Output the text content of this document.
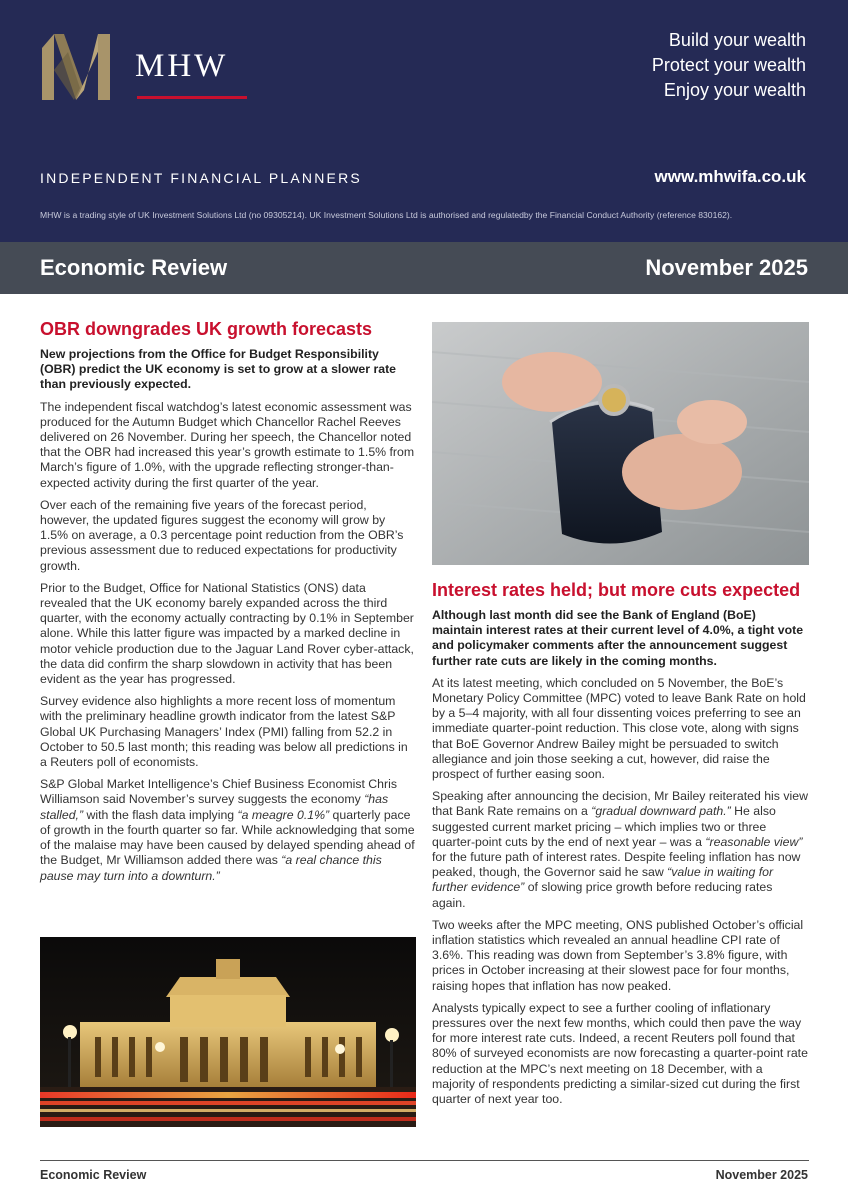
MHW
Build your wealth
Protect your wealth
Enjoy your wealth
INDEPENDENT FINANCIAL PLANNERS	www.mhwifa.co.uk
MHW is a trading style of UK Investment Solutions Ltd (no 09305214). UK Investment Solutions Ltd is authorised and regulatedby the Financial Conduct Authority (reference 830162).
Economic Review	November 2025
OBR downgrades UK growth forecasts

New projections from the Office for Budget Responsibility (OBR) predict the UK economy is set to grow at a slower rate than previously expected.

The independent fiscal watchdog’s latest economic assessment was produced for the Autumn Budget which Chancellor Rachel Reeves delivered on 26 November. During her speech, the Chancellor noted that the OBR had increased this year’s growth estimate to 1.5% from March’s figure of 1.0%, with the upgrade reflecting stronger-than-expected activity during the first quarter of the year.

Over each of the remaining five years of the forecast period, however, the updated figures suggest the economy will grow by 1.5% on average, a 0.3 percentage point reduction from the OBR’s previous assessment due to reduced expectations for productivity growth.

Prior to the Budget, Office for National Statistics (ONS) data revealed that the UK economy barely expanded across the third quarter, with the economy actually contracting by 0.1% in September alone. While this latter figure was impacted by a marked decline in motor vehicle production due to the Jaguar Land Rover cyber-attack, the data did confirm the sharp slowdown in activity that has been evident as the year has progressed.

Survey evidence also highlights a more recent loss of momentum with the preliminary headline growth indicator from the latest S&P Global UK Purchasing Managers’ Index (PMI) falling from 52.2 in October to 50.5 last month; this reading was below all predictions in a Reuters poll of economists.

S&P Global Market Intelligence’s Chief Business Economist Chris Williamson said November’s survey suggests the economy “has stalled,” with the flash data implying “a meagre 0.1%” quarterly pace of growth in the fourth quarter so far. While acknowledging that some of the malaise may have been caused by delayed spending ahead of the Budget, Mr Williamson added there was “a real chance this pause may turn into a downturn.”

Interest rates held; but more cuts expected

Although last month did see the Bank of England (BoE) maintain interest rates at their current level of 4.0%, a tight vote and policymaker comments after the announcement suggest further rate cuts are likely in the coming months.

At its latest meeting, which concluded on 5 November, the BoE’s Monetary Policy Committee (MPC) voted to leave Bank Rate on hold by a 5–4 majority, with all four dissenting voices preferring to see an immediate quarter-point reduction. This close vote, along with signs that BoE Governor Andrew Bailey might be persuaded to switch allegiance and join those seeking a cut, however, did raise the prospect of further easing soon.

Speaking after announcing the decision, Mr Bailey reiterated his view that Bank Rate remains on a “gradual downward path.” He also suggested current market pricing – which implies two or three quarter-point cuts by the end of next year – was a “reasonable view” for the future path of interest rates. Despite feeling inflation has now peaked, though, the Governor said he saw “value in waiting for further evidence” of slowing price growth before reducing rates again.

Two weeks after the MPC meeting, ONS published October’s official inflation statistics which revealed an annual headline CPI rate of 3.6%. This reading was down from September’s 3.8% figure, with prices in October increasing at their slowest pace for four months, raising hopes that inflation has now peaked.

Analysts typically expect to see a further cooling of inflationary pressures over the next few months, which could then pave the way for more interest rate cuts. Indeed, a recent Reuters poll found that 80% of surveyed economists are now forecasting a quarter-point rate reduction at the MPC’s next meeting on 18 December, with a majority of respondents predicting a similar-sized cut during the first quarter of next year too.

Economic Review	November 2025
